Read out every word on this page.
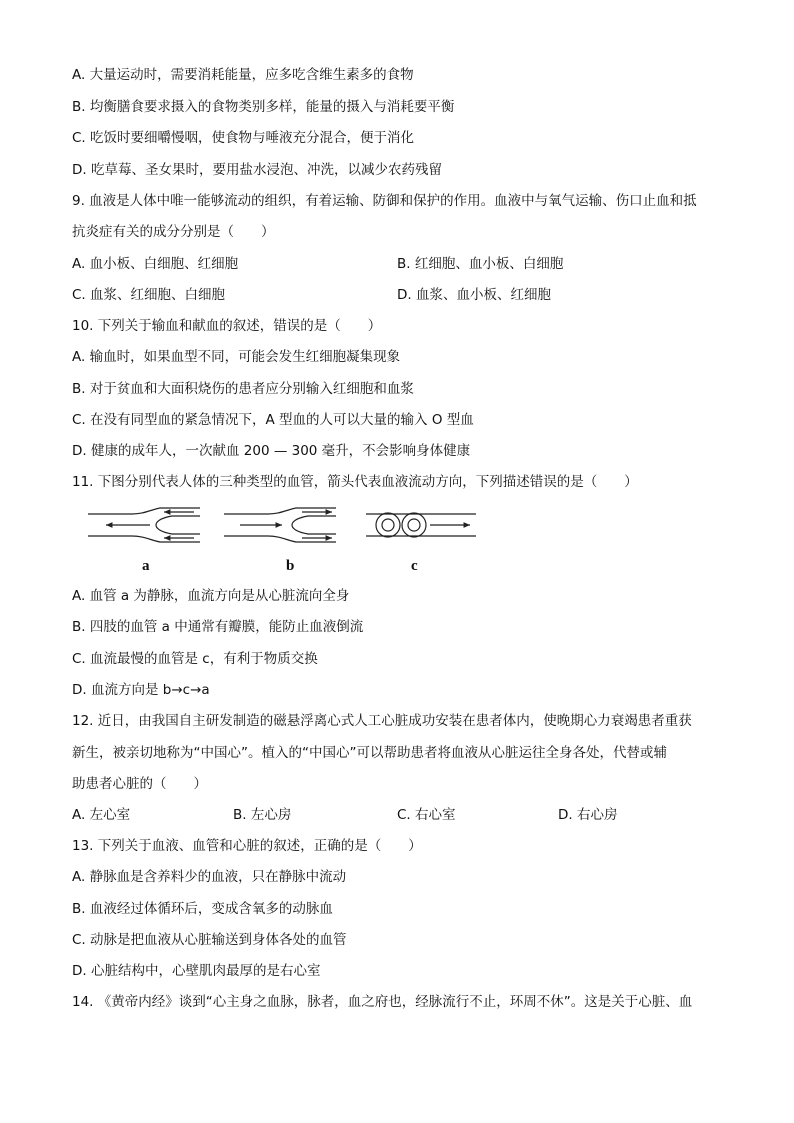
A. 大量运动时，需要消耗能量，应多吃含维生素多的食物
B. 均衡膳食要求摄入的食物类别多样，能量的摄入与消耗要平衡
C. 吃饭时要细嚼慢咽，使食物与唾液充分混合，便于消化
D. 吃草莓、圣女果时，要用盐水浸泡、冲洗，以减少农药残留
9. 血液是人体中唯一能够流动的组织，有着运输、防御和保护的作用。血液中与氧气运输、伤口止血和抵
抗炎症有关的成分分别是（　　）
A. 血小板、白细胞、红细胞	B. 红细胞、血小板、白细胞
C. 血浆、红细胞、白细胞	D. 血浆、血小板、红细胞
10. 下列关于输血和献血的叙述，错误的是（　　）
A. 输血时，如果血型不同，可能会发生红细胞凝集现象
B. 对于贫血和大面积烧伤的患者应分别输入红细胞和血浆
C. 在没有同型血的紧急情况下，A 型血的人可以大量的输入 O 型血
D. 健康的成年人，一次献血 200 — 300 毫升，不会影响身体健康
11. 下图分别代表人体的三种类型的血管，箭头代表血液流动方向，下列描述错误的是（　　）
a	b	c
A. 血管 a 为静脉，血流方向是从心脏流向全身
B. 四肢的血管 a 中通常有瓣膜，能防止血液倒流
C. 血流最慢的血管是 c，有利于物质交换
D. 血流方向是 b→c→a
12. 近日，由我国自主研发制造的磁悬浮离心式人工心脏成功安装在患者体内，使晚期心力衰竭患者重获
新生，被亲切地称为“中国心”。植入的“中国心”可以帮助患者将血液从心脏运往全身各处，代替或辅
助患者心脏的（　　）
A. 左心室	B. 左心房	C. 右心室	D. 右心房
13. 下列关于血液、血管和心脏的叙述，正确的是（　　）
A. 静脉血是含养料少的血液，只在静脉中流动
B. 血液经过体循环后，变成含氧多的动脉血
C. 动脉是把血液从心脏输送到身体各处的血管
D. 心脏结构中，心壁肌肉最厚的是右心室
14. 《黄帝内经》谈到“心主身之血脉，脉者，血之府也，经脉流行不止，环周不休”。这是关于心脏、血
